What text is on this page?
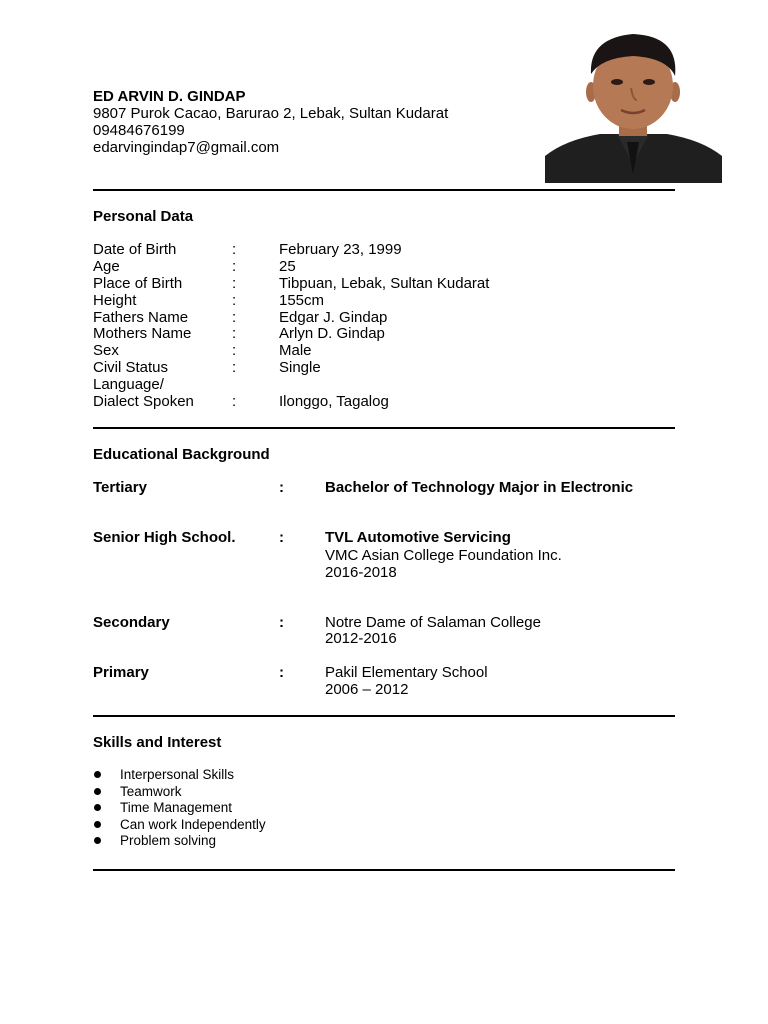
ED ARVIN D. GINDAP
9807 Purok Cacao, Barurao 2, Lebak, Sultan Kudarat
09484676199
edarvingindap7@gmail.com
Personal Data
Date of Birth	:	February 23, 1999
Age	:	25
Place of Birth	:	Tibpuan, Lebak, Sultan Kudarat
Height	:	155cm
Fathers Name	:	Edgar J. Gindap
Mothers Name	:	Arlyn D. Gindap
Sex	:	Male
Civil Status	:	Single
Language/
Dialect Spoken	:	Ilonggo, Tagalog
Educational Background
Tertiary	:	Bachelor of Technology Major in Electronic
Senior High School.	:	TVL Automotive Servicing
VMC Asian College Foundation Inc.
2016-2018
Secondary	:	Notre Dame of Salaman College
2012-2016
Primary	:	Pakil Elementary School
2006 – 2012
Skills and Interest
Interpersonal Skills
Teamwork
Time Management
Can work Independently
Problem solving
